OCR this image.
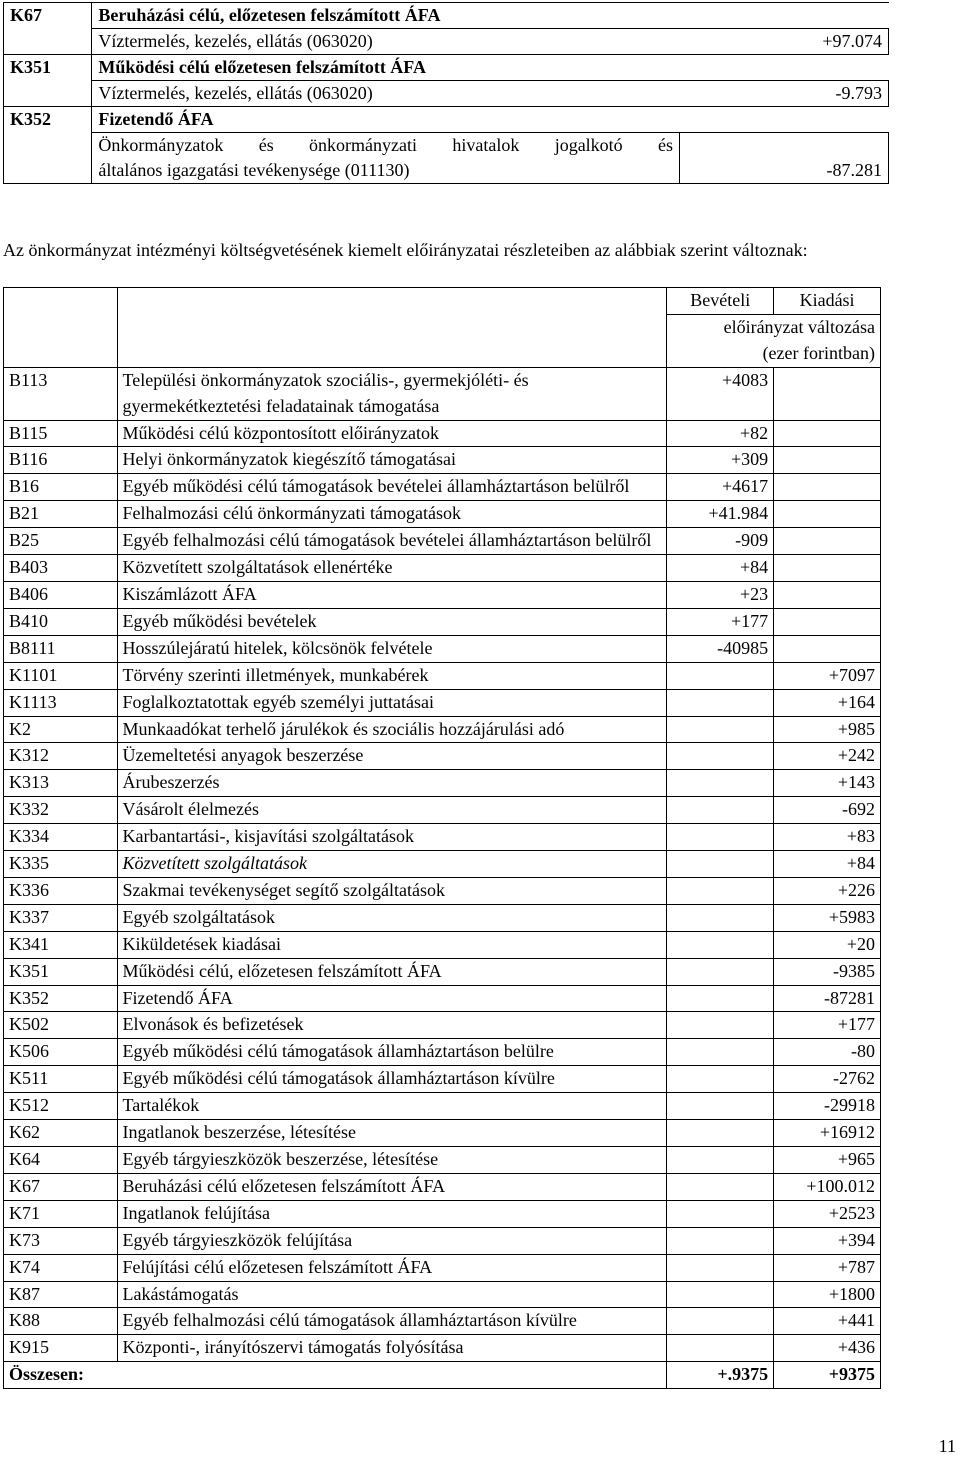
K67	Beruházási célú, előzetesen felszámított ÁFA	
	Víztermelés, kezelés, ellátás (063020)	+97.074
K351	Működési célú előzetesen felszámított ÁFA	
	Víztermelés, kezelés, ellátás (063020)	-9.793
K352	Fizetendő ÁFA	

	Önkormányzatok és önkormányzati hivatalok jogalkotó és
általános igazgatási tevékenysége (011130)	-87.281
Az önkormányzat intézményi költségvetésének kiemelt előirányzatai részleteiben az alábbiak szerint változnak:
		Bevételi	Kiadási
		előirányzat változása	
		(ezer forintban)	
B113	Települési önkormányzatok szociális-, gyermekjóléti- és gyermekétkeztetési feladatainak támogatása	+4083	
B115	Működési célú központosított előirányzatok	+82	
B116	Helyi önkormányzatok kiegészítő támogatásai	+309	
B16	Egyéb működési célú támogatások bevételei államháztartáson belülről	+4617	
B21	Felhalmozási célú önkormányzati támogatások	+41.984	
B25	Egyéb felhalmozási célú támogatások bevételei államháztartáson belülről	-909	
B403	Közvetített szolgáltatások ellenértéke	+84	
B406	Kiszámlázott ÁFA	+23	
B410	Egyéb működési bevételek	+177	
B8111	Hosszúlejáratú hitelek, kölcsönök felvétele	-40985	
K1101	Törvény szerinti illetmények, munkabérek		+7097
K1113	Foglalkoztatottak egyéb személyi juttatásai		+164
K2	Munkaadókat terhelő járulékok és szociális hozzájárulási adó		+985
K312	Üzemeltetési anyagok beszerzése		+242
K313	Árubeszerzés		+143
K332	Vásárolt élelmezés		-692
K334	Karbantartási-, kisjavítási szolgáltatások		+83
K335	Közvetített szolgáltatások		+84
K336	Szakmai tevékenységet segítő szolgáltatások		+226
K337	Egyéb szolgáltatások		+5983
K341	Kiküldetések kiadásai		+20
K351	Működési célú, előzetesen felszámított ÁFA		-9385
K352	Fizetendő ÁFA		-87281
K502	Elvonások és befizetések		+177
K506	Egyéb működési célú támogatások államháztartáson belülre		-80
K511	Egyéb működési célú támogatások államháztartáson kívülre		-2762
K512	Tartalékok		-29918
K62	Ingatlanok beszerzése, létesítése		+16912
K64	Egyéb tárgyieszközök beszerzése, létesítése		+965
K67	Beruházási célú előzetesen felszámított ÁFA		+100.012
K71	Ingatlanok felújítása		+2523
K73	Egyéb tárgyieszközök felújítása		+394
K74	Felújítási célú előzetesen felszámított ÁFA		+787
K87	Lakástámogatás		+1800
K88	Egyéb felhalmozási célú támogatások államháztartáson kívülre		+441
K915	Központi-, irányítószervi támogatás folyósítása		+436
Összesen:		+.9375	+9375
11
